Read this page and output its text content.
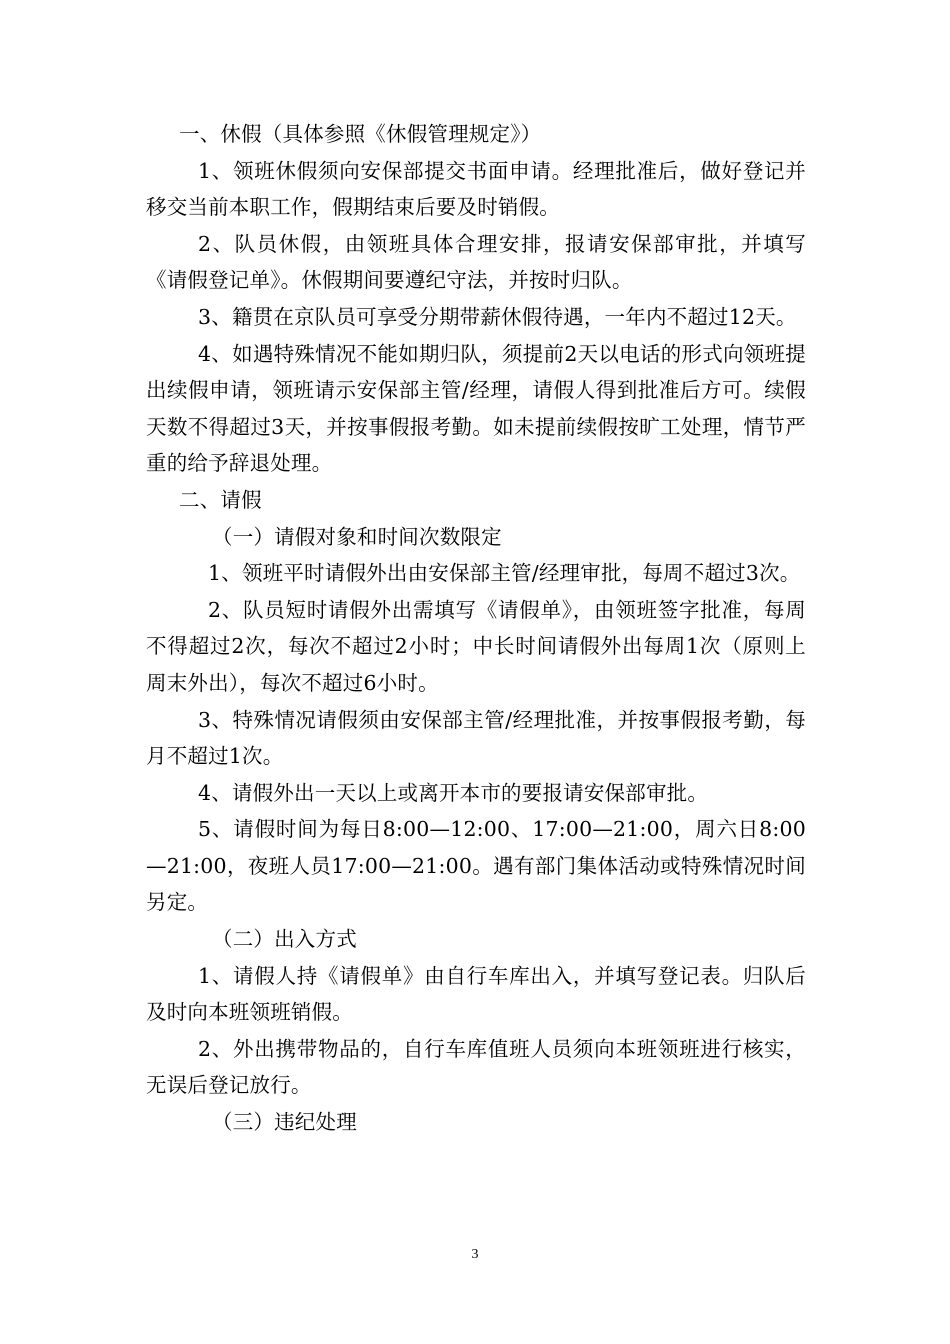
一、休假（具体参照《休假管理规定》）

1、领班休假须向安保部提交书面申请。经理批准后，做好登记并移交当前本职工作，假期结束后要及时销假。

2、队员休假，由领班具体合理安排，报请安保部审批，并填写《请假登记单》。休假期间要遵纪守法，并按时归队。

3、籍贯在京队员可享受分期带薪休假待遇，一年内不超过12天。

4、如遇特殊情况不能如期归队，须提前2天以电话的形式向领班提出续假申请，领班请示安保部主管/经理，请假人得到批准后方可。续假天数不得超过3天，并按事假报考勤。如未提前续假按旷工处理，情节严重的给予辞退处理。

二、请假

（一）请假对象和时间次数限定

1、领班平时请假外出由安保部主管/经理审批，每周不超过3次。

2、队员短时请假外出需填写《请假单》，由领班签字批准，每周不得超过2次，每次不超过2小时；中长时间请假外出每周1次（原则上周末外出），每次不超过6小时。

3、特殊情况请假须由安保部主管/经理批准，并按事假报考勤，每月不超过1次。

4、请假外出一天以上或离开本市的要报请安保部审批。

5、请假时间为每日8:00—12:00、17:00—21:00，周六日8:00—21:00，夜班人员17:00—21:00。遇有部门集体活动或特殊情况时间另定。

（二）出入方式

1、请假人持《请假单》由自行车库出入，并填写登记表。归队后及时向本班领班销假。

2、外出携带物品的，自行车库值班人员须向本班领班进行核实，无误后登记放行。

（三）违纪处理

3
